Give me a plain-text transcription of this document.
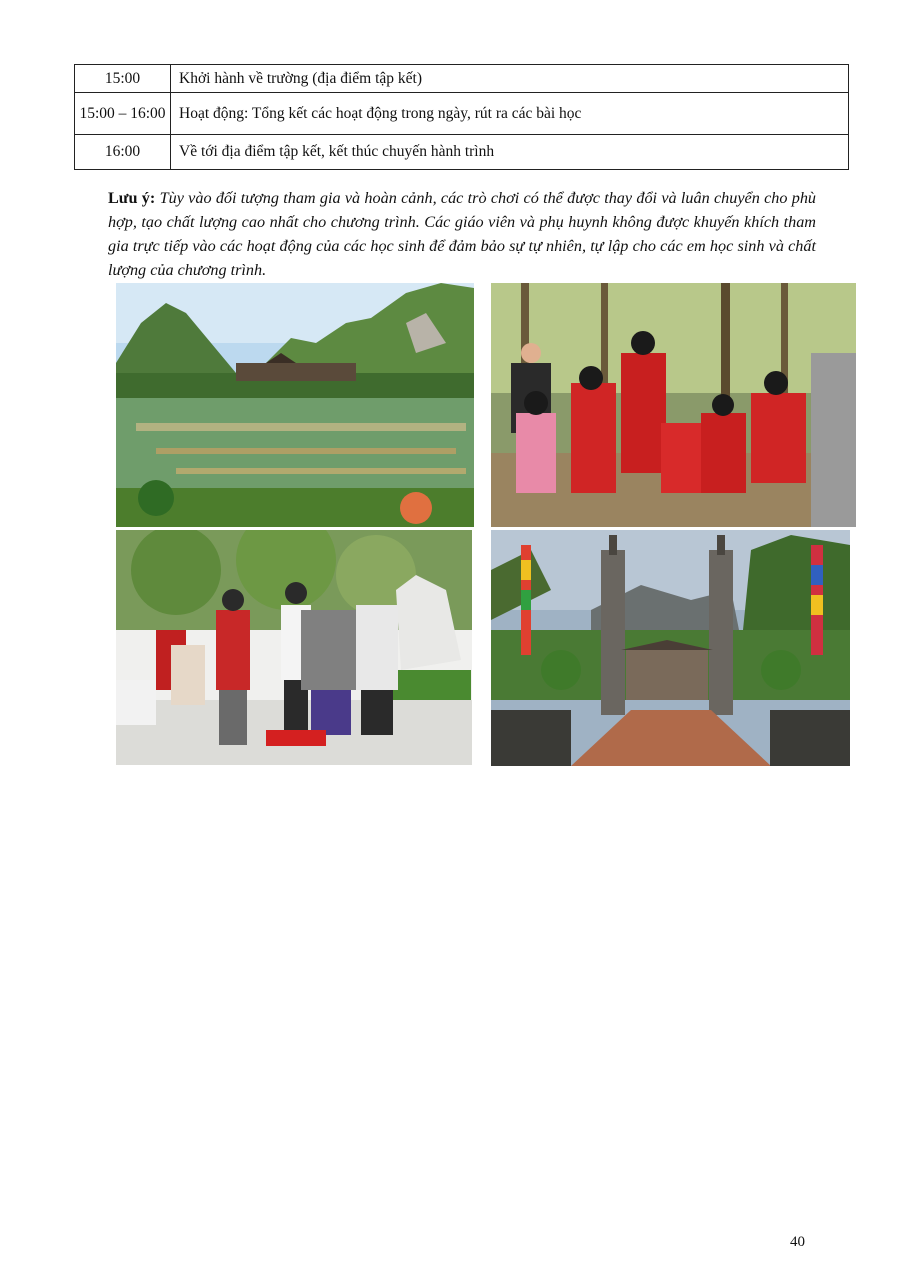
15:00	Khởi hành về trường (địa điểm tập kết)
15:00 – 16:00	Hoạt động: Tổng kết các hoạt động trong ngày, rút ra các bài học
16:00	Về tới địa điểm tập kết, kết thúc chuyến hành trình
Lưu ý: Tùy vào đối tượng tham gia và hoàn cảnh, các trò chơi có thể được thay đổi và luân chuyển cho phù hợp, tạo chất lượng cao nhất cho chương trình. Các giáo viên và phụ huynh không được khuyến khích tham gia trực tiếp vào các hoạt động của các học sinh để đảm bảo sự tự nhiên, tự lập cho các em học sinh và chất lượng của chương trình.
40
